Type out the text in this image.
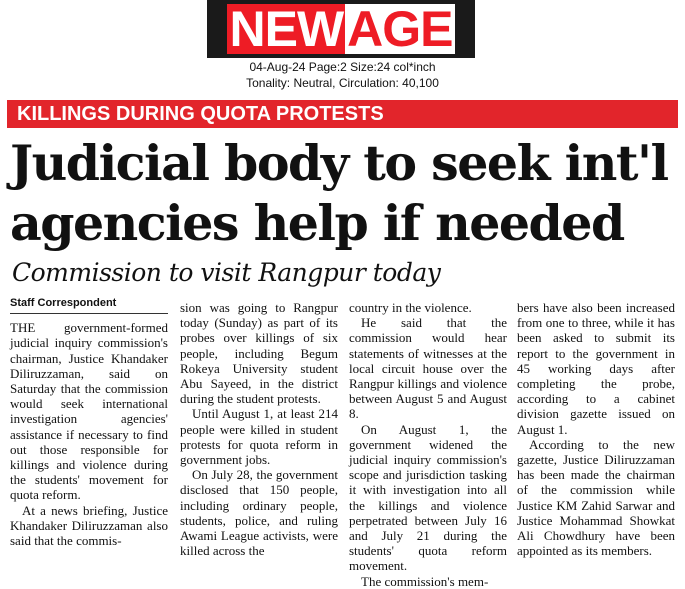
NEW AGE
04-Aug-24 Page:2 Size:24 col*inch
Tonality: Neutral, Circulation: 40,100
KILLINGS DURING QUOTA PROTESTS
Judicial body to seek int'l
agencies help if needed
Commission to visit Rangpur today
Staff Correspondent

THE government-formed judicial inquiry commission's chairman, Justice Khandaker Diliruzzaman, said on Saturday that the commission would seek international investigation agencies' assistance if necessary to find out those responsible for killings and violence during the students' movement for quota reform.

At a news briefing, Justice Khandaker Diliruzzaman also said that the commis-

sion was going to Rangpur today (Sunday) as part of its probes over killings of six people, including Begum Rokeya University student Abu Sayeed, in the district during the student protests.

Until August 1, at least 214 people were killed in student protests for quota reform in government jobs.

On July 28, the government disclosed that 150 people, including ordinary people, students, police, and ruling Awami League activists, were killed across the

country in the violence.

He said that the commission would hear statements of witnesses at the local circuit house over the Rangpur killings and violence between August 5 and August 8.

On August 1, the government widened the judicial inquiry commission's scope and jurisdiction tasking it with investigation into all the killings and violence perpetrated between July 16 and July 21 during the students' quota reform movement.

The commission's mem-

bers have also been increased from one to three, while it has been asked to submit its report to the government in 45 working days after completing the probe, according to a cabinet division gazette issued on August 1.

According to the new gazette, Justice Diliruzzaman has been made the chairman of the commission while Justice KM Zahid Sarwar and Justice Mohammad Showkat Ali Chowdhury have been appointed as its members.
